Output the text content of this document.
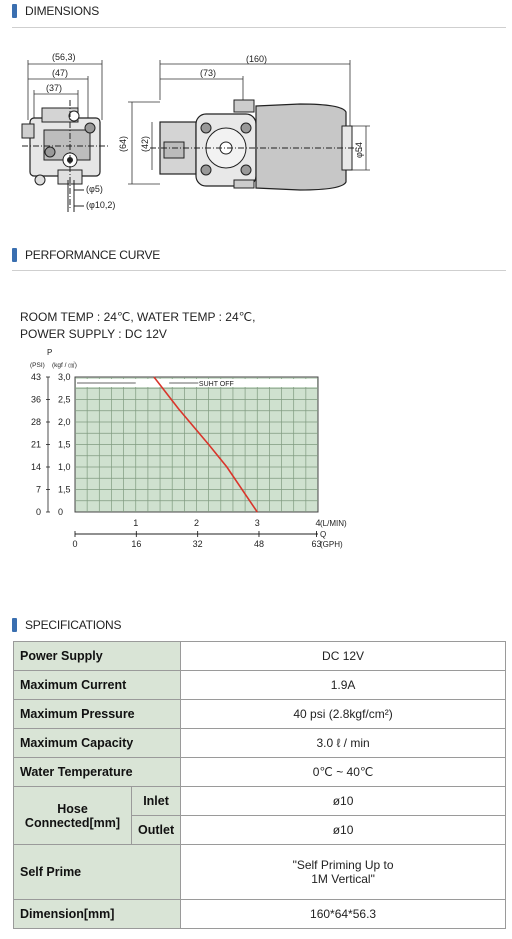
DIMENSIONS
(56,3)
(47)
(37)
(160)
(73)
(64) (42)	φ54
(φ5)
(φ10,2)
PERFORMANCE CURVE
ROOM TEMP : 24℃, WATER TEMP : 24℃,
POWER SUPPLY : DC 12V
SUHT OFF
P
(PSI) (kgf / ㎠)
43 3,0
36 2,5
28 2,0
21 1,5
14 1,0
7 1,5
0 0
1	2	3	4 (L/MIN)
0	16	32	48	63
Q
(GPH)
SPECIFICATIONS
Power Supply		DC 12V
Maximum Current		1.9A
Maximum Pressure		40 psi (2.8kgf/cm²)
Maximum Capacity		3.0 ℓ / min
Water Temperature		0℃ ~ 40℃

Hose
Connected[mm]	Inlet	ø10
	Outlet	ø10
Self Prime		"Self Priming Up to
1M Vertical"

Dimension[mm]		160*64*56.3
